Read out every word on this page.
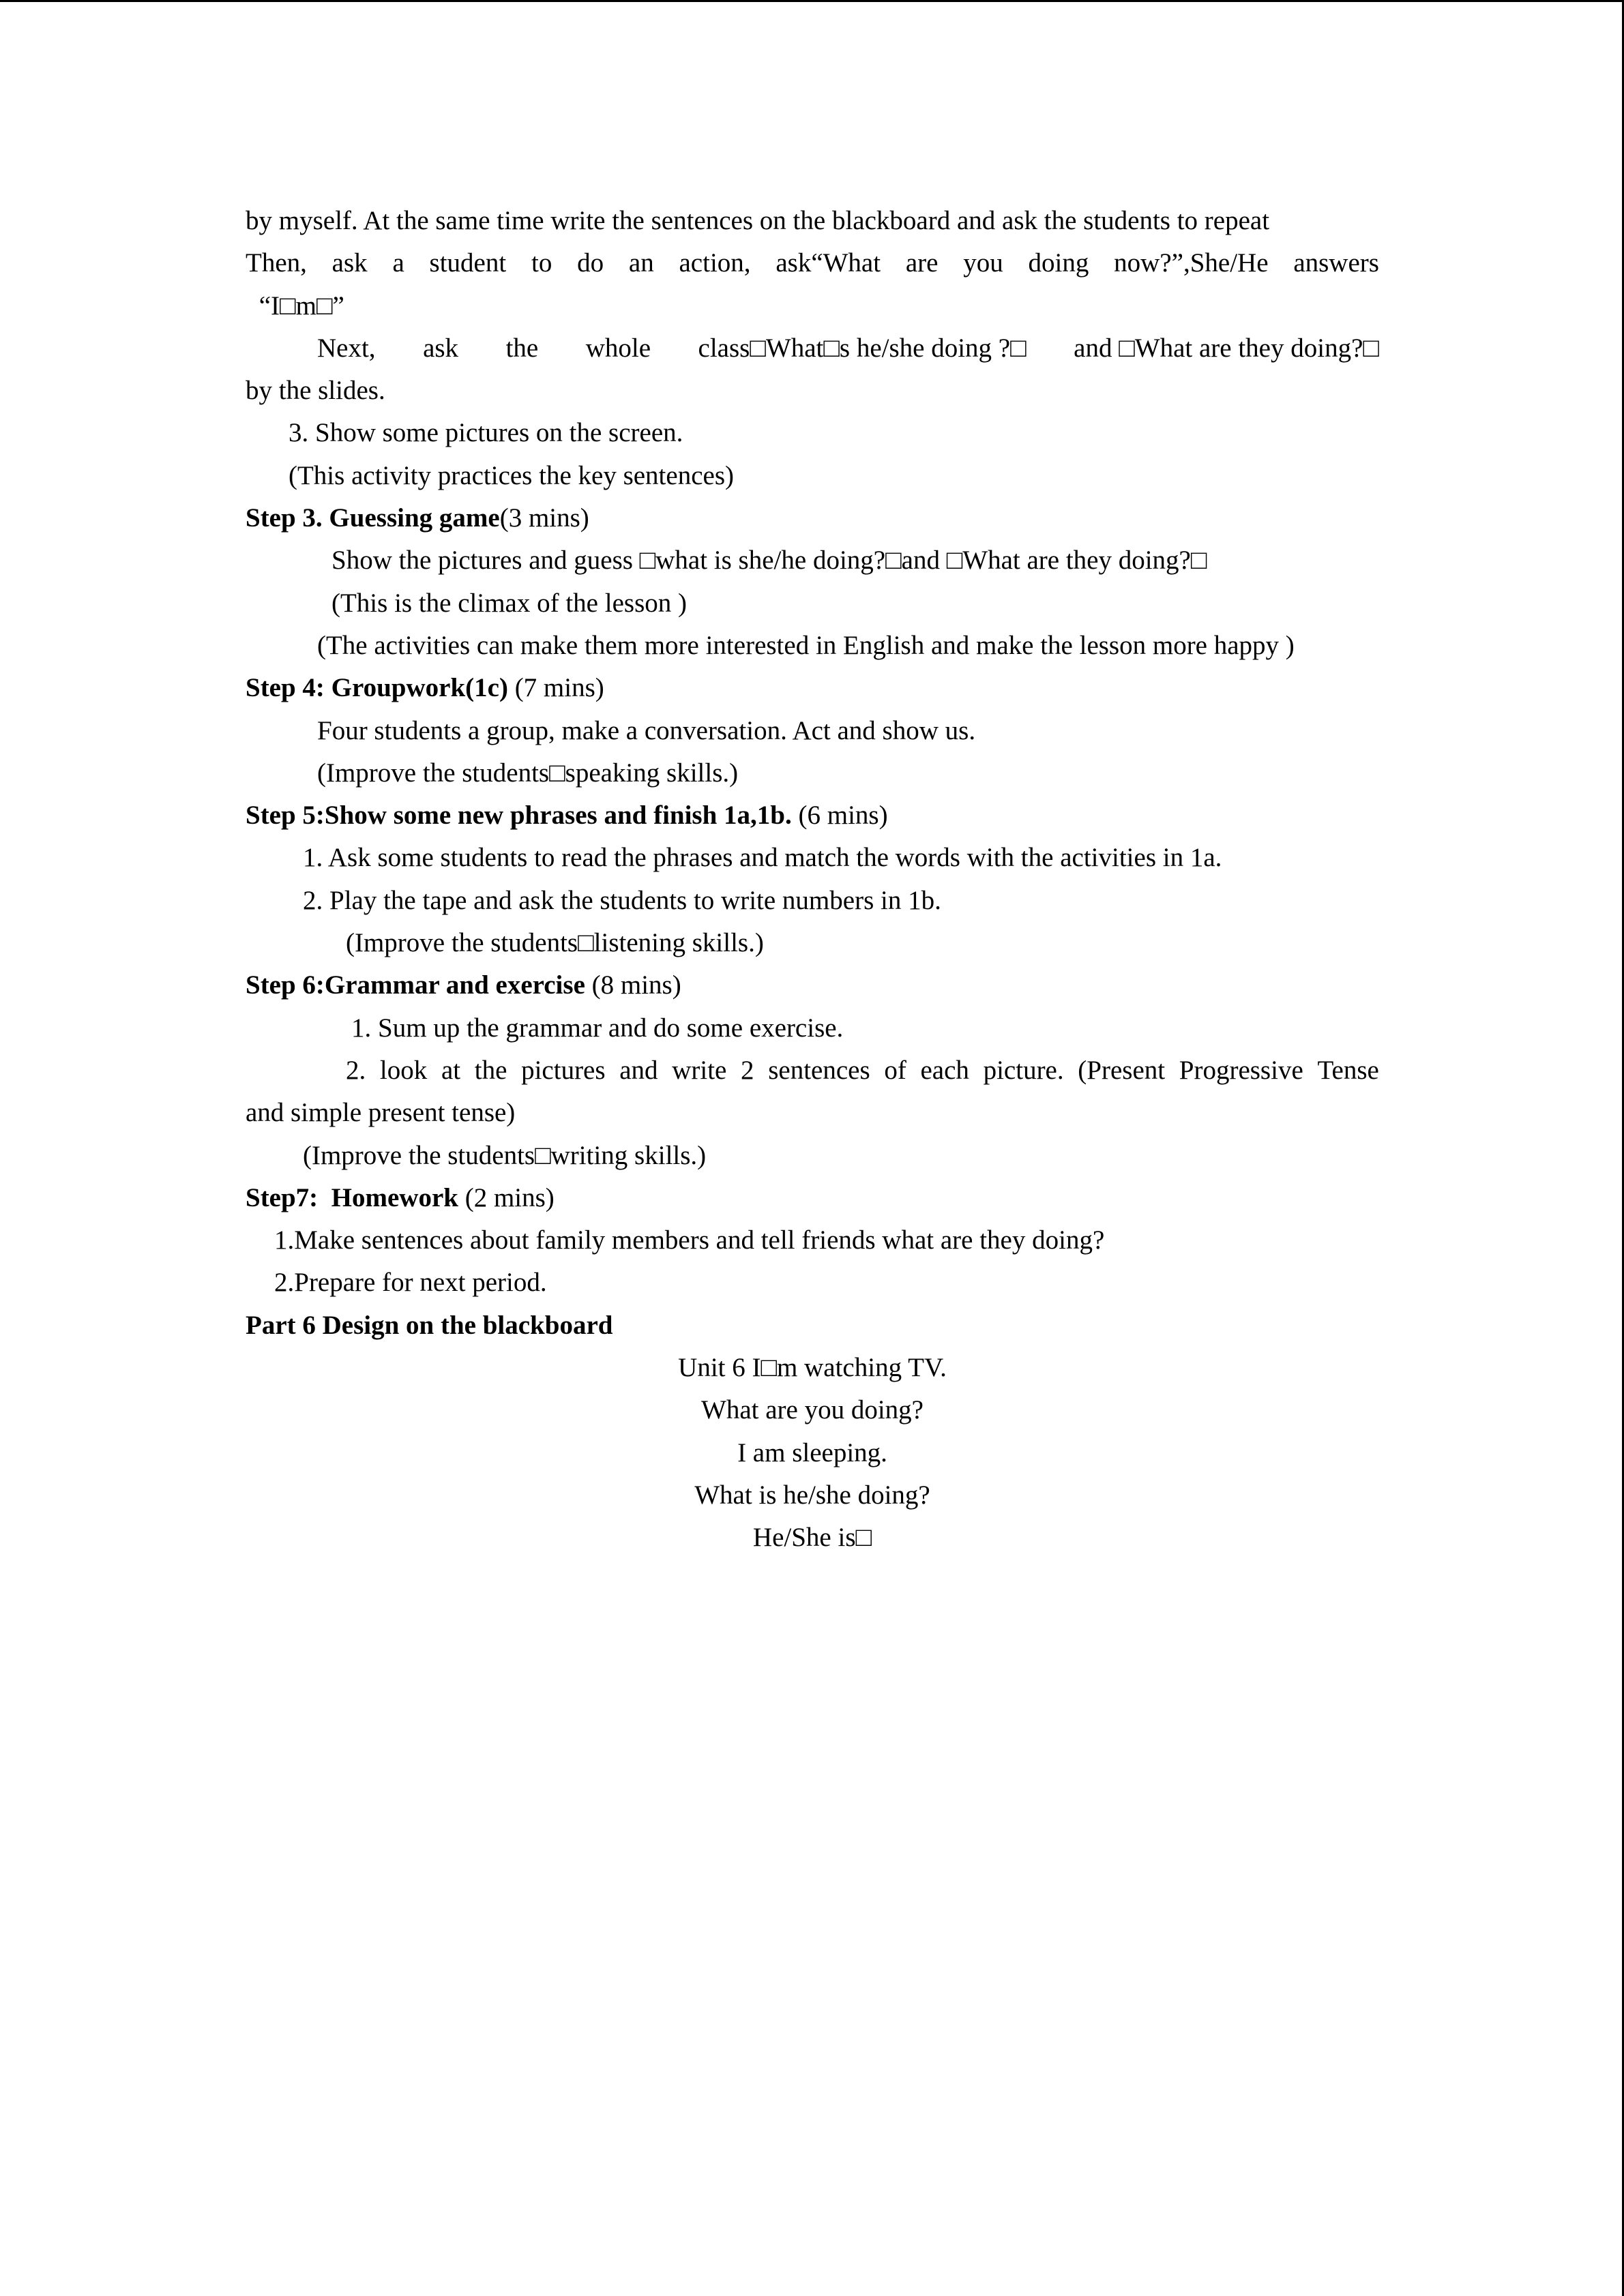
by myself. At the same time write the sentences on the blackboard and ask the students to repeat
Then, ask a student to do an action, ask“What are you doing now?”,She/He answers
“I□m□”
Next, ask the whole class□What□s he/she doing ?□ and □What are they doing?□
by the slides.
3. Show some pictures on the screen.
(This activity practices the key sentences)
Step 3. Guessing game(3 mins)
Show the pictures and guess □what is she/he doing?□and □What are they doing?□
(This is the climax of the lesson )
(The activities can make them more interested in English and make the lesson more happy )
Step 4: Groupwork(1c) (7 mins)
Four students a group, make a conversation. Act and show us.
(Improve the students□speaking skills.)
Step 5:Show some new phrases and finish 1a,1b. (6 mins)
1. Ask some students to read the phrases and match the words with the activities in 1a.
2. Play the tape and ask the students to write numbers in 1b.
(Improve the students□listening skills.)
Step 6:Grammar and exercise (8 mins)
1. Sum up the grammar and do some exercise.
2. look at the pictures and write 2 sentences of each picture. (Present Progressive Tense
and simple present tense)
(Improve the students□writing skills.)
Step7:  Homework (2 mins)
1.Make sentences about family members and tell friends what are they doing?
2.Prepare for next period.
Part 6 Design on the blackboard
Unit 6 I□m watching TV.
What are you doing?
I am sleeping.
What is he/she doing?
He/She is□
